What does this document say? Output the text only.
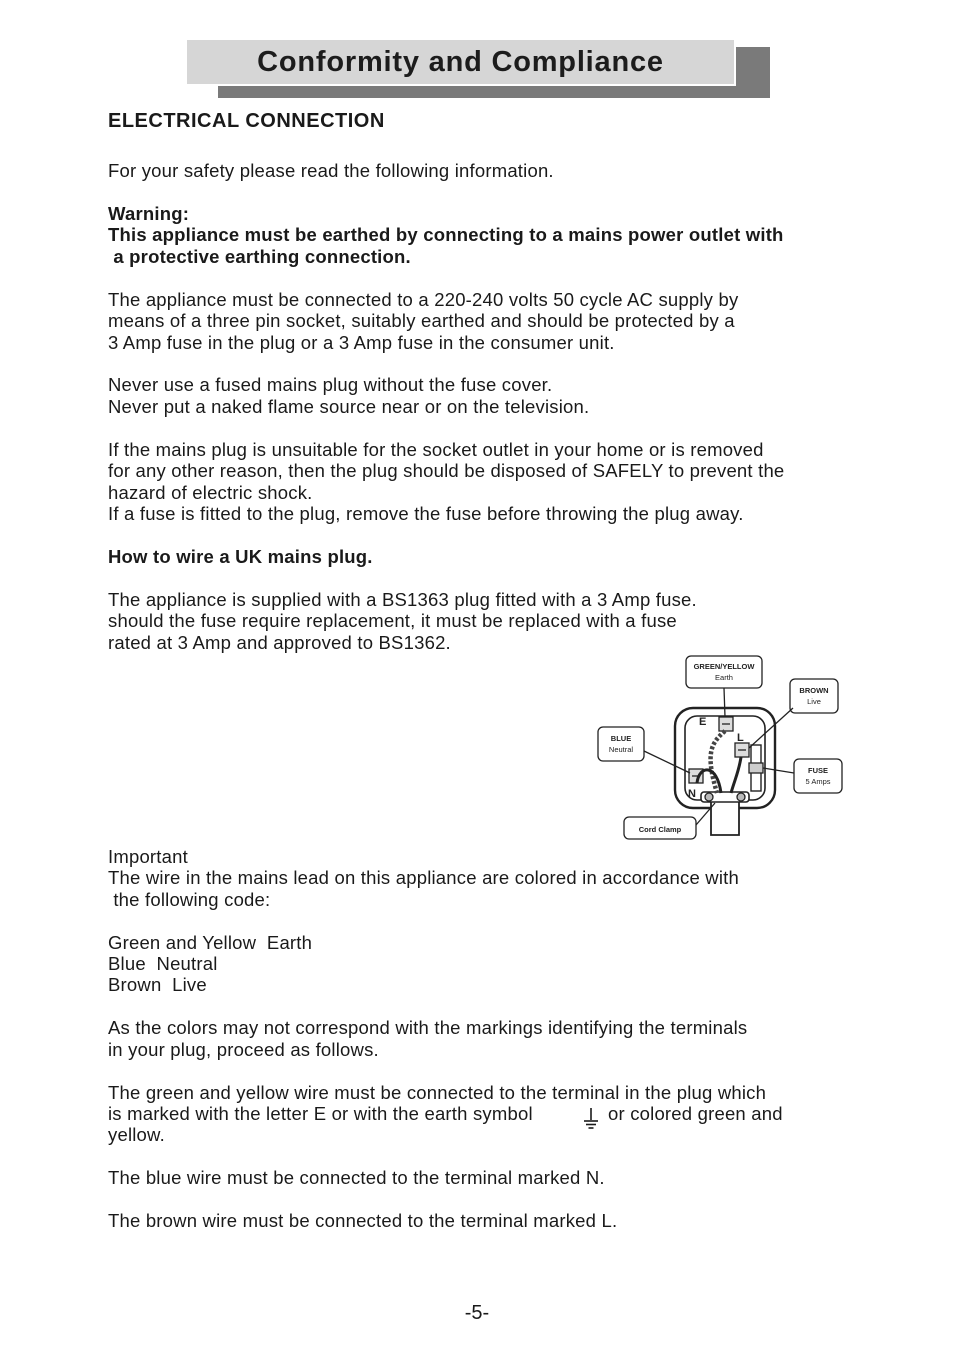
Conformity and Compliance
ELECTRICAL CONNECTION
For your safety please read the following information.
Warning:
This appliance must be earthed by connecting to a mains power outlet with
a protective earthing connection.
The appliance must be connected to a 220-240 volts 50 cycle AC supply by
means of a three pin socket, suitably earthed and should be protected by a
3 Amp fuse in the plug or a 3 Amp fuse in the consumer unit.
Never use a fused mains plug without the fuse cover.
Never put a naked flame source near or on the television.
If the mains plug is unsuitable for the socket outlet in your home or is removed
for any other reason, then the plug should be disposed of SAFELY to prevent the
hazard of electric shock.
If a fuse is fitted to the plug, remove the fuse before throwing the plug away.
How to wire a UK mains plug.
The appliance is supplied with a BS1363 plug fitted with a 3 Amp fuse.
should the fuse require replacement, it must be replaced with a fuse
rated at 3 Amp and approved to BS1362.
E
L
N
GREEN/YELLOW
Earth
BROWN
Live
BLUE
Neutral
FUSE
5 Amps
Cord Clamp
Important
The wire in the mains lead on this appliance are colored in accordance with
the following code:
Green and Yellow  Earth
Blue  Neutral
Brown  Live
As the colors may not correspond with the markings identifying the terminals
in your plug, proceed as follows.
The green and yellow wire must be connected to the terminal in the plug which
is marked with the letter E or with the earth symbol	or colored green and
yellow.
The blue wire must be connected to the terminal marked N.
The brown wire must be connected to the terminal marked L.
-5-
